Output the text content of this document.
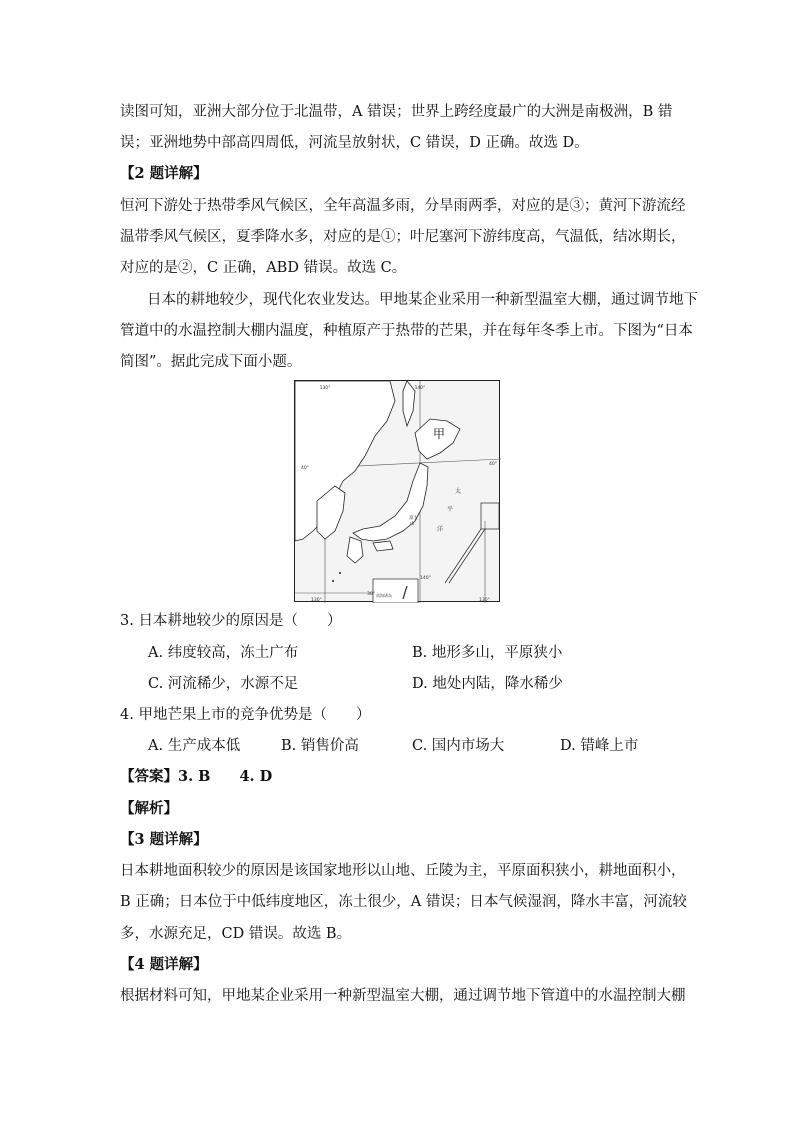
读图可知，亚洲大部分位于北温带，A 错误；世界上跨经度最广的大洲是南极洲，B 错
误；亚洲地势中部高四周低，河流呈放射状，C 错误，D 正确。故选 D。
【2 题详解】
恒河下游处于热带季风气候区，全年高温多雨，分旱雨两季，对应的是③；黄河下游流经
温带季风气候区，夏季降水多，对应的是①；叶尼塞河下游纬度高，气温低，结冰期长，
对应的是②，C 正确，ABD 错误。故选 C。
日本的耕地较少，现代化农业发达。甲地某企业采用一种新型温室大棚，通过调节地下
管道中的水温控制大棚内温度，种植原产于热带的芒果，并在每年冬季上市。下图为“日本
简图”。据此完成下面小题。
130°	140°
40°
40°
130°
140°
130°
30°
甲
太
平
洋
富士
山
南海诸岛
3. 日本耕地较少的原因是（　　）
A. 纬度较高，冻土广布	B. 地形多山，平原狭小
C. 河流稀少，水源不足	D. 地处内陆，降水稀少
4. 甲地芒果上市的竞争优势是（　　）
A. 生产成本低	B. 销售价高	C. 国内市场大	D. 错峰上市
【答案】3. B　　4. D
【解析】
【3 题详解】
日本耕地面积较少的原因是该国家地形以山地、丘陵为主，平原面积狭小，耕地面积小，
B 正确；日本位于中低纬度地区，冻土很少，A 错误；日本气候湿润，降水丰富，河流较
多，水源充足，CD 错误。故选 B。
【4 题详解】
根据材料可知，甲地某企业采用一种新型温室大棚，通过调节地下管道中的水温控制大棚
